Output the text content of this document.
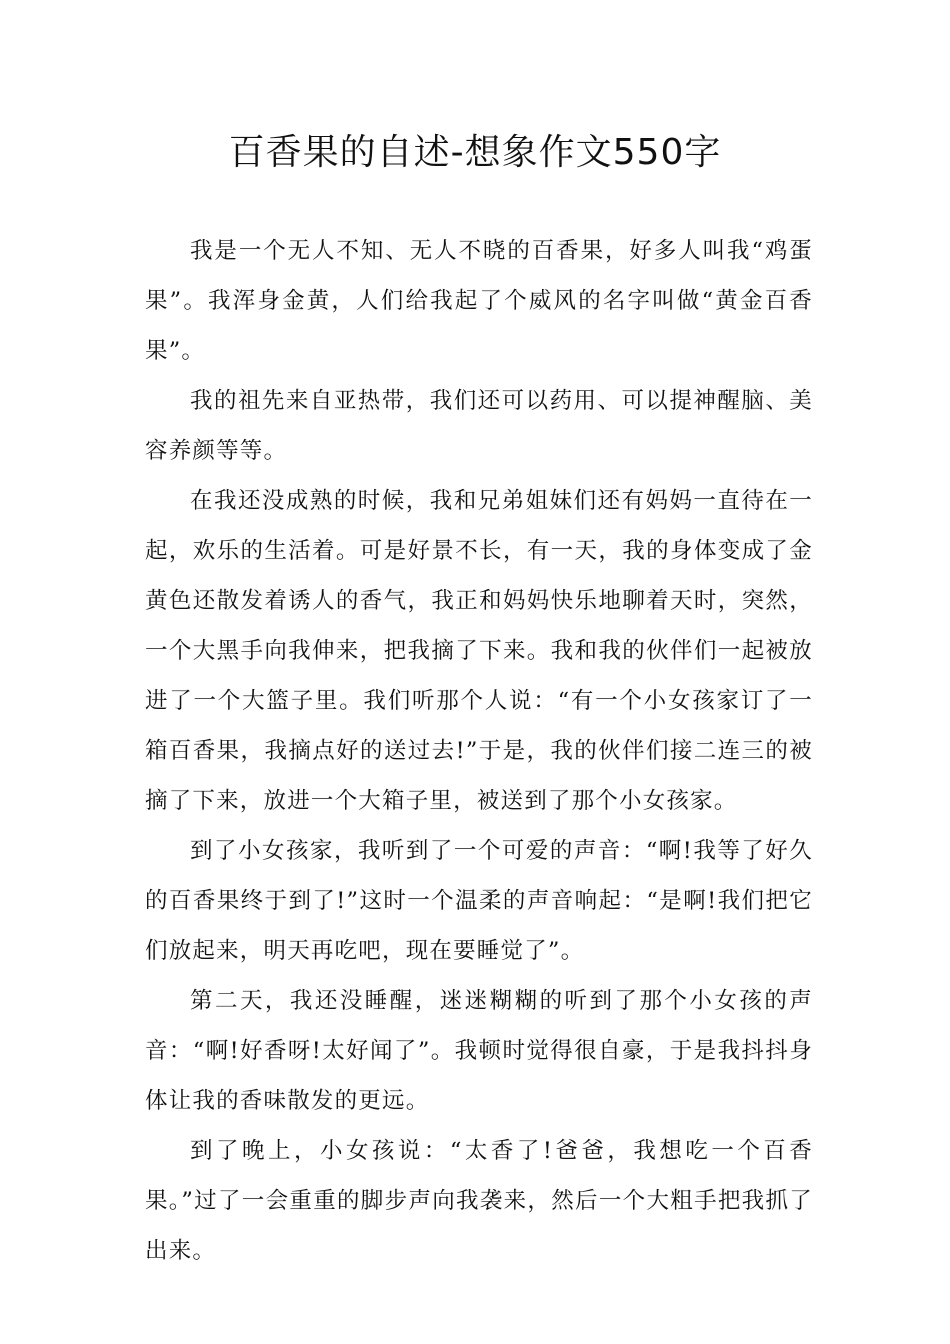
百香果的自述-想象作文550字

我是一个无人不知、无人不晓的百香果，好多人叫我“鸡蛋果”。我浑身金黄，人们给我起了个威风的名字叫做“黄金百香果”。

我的祖先来自亚热带，我们还可以药用、可以提神醒脑、美容养颜等等。

在我还没成熟的时候，我和兄弟姐妹们还有妈妈一直待在一起，欢乐的生活着。可是好景不长，有一天，我的身体变成了金黄色还散发着诱人的香气，我正和妈妈快乐地聊着天时，突然，一个大黑手向我伸来，把我摘了下来。我和我的伙伴们一起被放进了一个大篮子里。我们听那个人说：“有一个小女孩家订了一箱百香果，我摘点好的送过去!”于是，我的伙伴们接二连三的被摘了下来，放进一个大箱子里，被送到了那个小女孩家。

到了小女孩家，我听到了一个可爱的声音：“啊!我等了好久的百香果终于到了!”这时一个温柔的声音响起：“是啊!我们把它们放起来，明天再吃吧，现在要睡觉了”。

第二天，我还没睡醒，迷迷糊糊的听到了那个小女孩的声音：“啊!好香呀!太好闻了”。我顿时觉得很自豪，于是我抖抖身体让我的香味散发的更远。

到了晚上，小女孩说：“太香了!爸爸，我想吃一个百香果。”过了一会重重的脚步声向我袭来，然后一个大粗手把我抓了出来。
